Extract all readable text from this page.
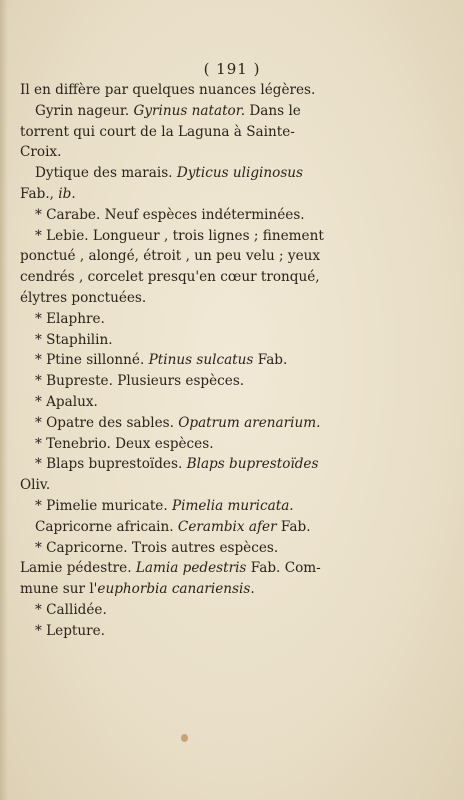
( 191 )
Il en diffère par quelques nuances légères.
Gyrin nageur. Gyrinus natator. Dans le
torrent qui court de la Laguna à Sainte-
Croix.
Dytique des marais. Dyticus uliginosus
Fab., ib.
* Carabe. Neuf espèces indéterminées.
* Lebie. Longueur , trois lignes ; finement
ponctué , alongé, étroit , un peu velu ; yeux
cendrés , corcelet presqu'en cœur tronqué,
élytres ponctuées.
* Elaphre.
* Staphilin.
* Ptine sillonné. Ptinus sulcatus Fab.
* Bupreste. Plusieurs espèces.
* Apalux.
* Opatre des sables. Opatrum arenarium.
* Tenebrio. Deux espèces.
* Blaps buprestoïdes. Blaps buprestoïdes
Oliv.
* Pimelie muricate. Pimelia muricata.
Capricorne africain. Cerambix afer Fab.
* Capricorne. Trois autres espèces.
Lamie pédestre. Lamia pedestris Fab. Com-
mune sur l'euphorbia canariensis.
* Callidée.
* Lepture.
